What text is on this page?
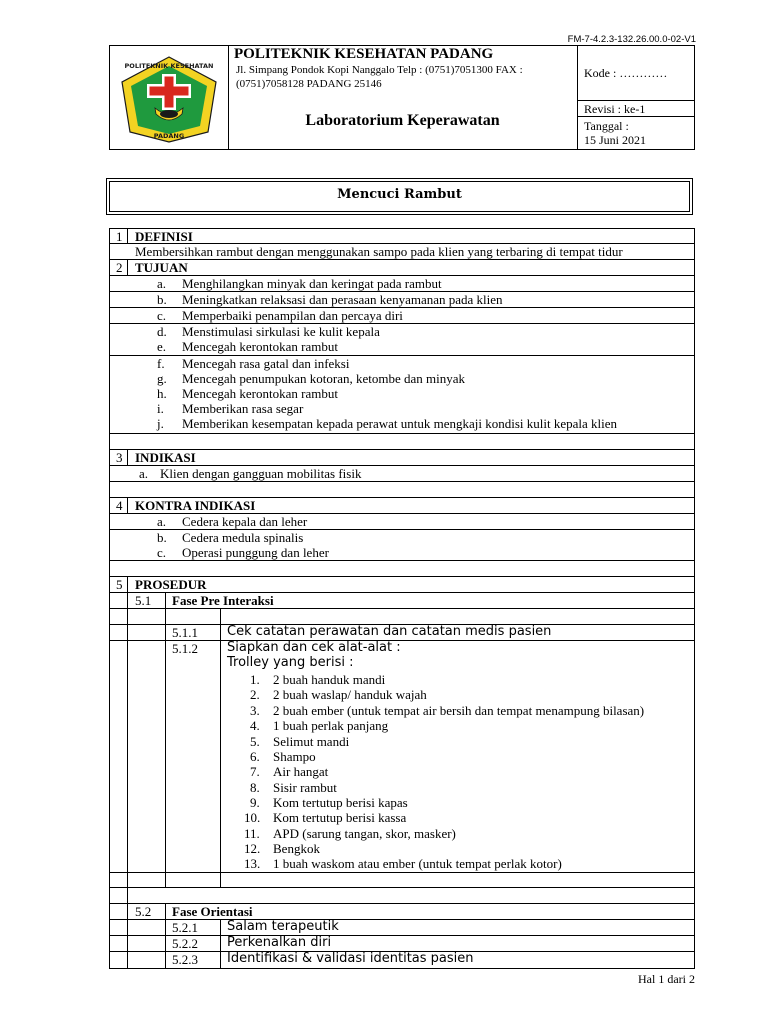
FM-7-4.2.3-132.26.00.0-02-V1
POLITEKNIK KESEHATAN
PADANG
POLITEKNIK KESEHATAN PADANG
Jl. Simpang Pondok Kopi Nanggalo Telp : (0751)7051300 FAX :
(0751)7058128 PADANG 25146
Laboratorium Keperawatan
Kode : …………
Revisi : ke-1
Tanggal :
15 Juni 2021
Mencuci Rambut
1 DEFINISI
Membersihkan rambut dengan menggunakan sampo pada klien yang terbaring di tempat tidur
2 TUJUAN
a. Menghilangkan minyak dan keringat pada rambut
b. Meningkatkan relaksasi dan perasaan kenyamanan pada klien
c. Memperbaiki penampilan dan percaya diri
d. Menstimulasi sirkulasi ke kulit kepala
e. Mencegah kerontokan rambut
f. Mencegah rasa gatal dan infeksi
g. Mencegah penumpukan kotoran, ketombe dan minyak
h. Mencegah kerontokan rambut
i. Memberikan rasa segar
j. Memberikan kesempatan kepada perawat untuk mengkaji kondisi kulit kepala klien
3 INDIKASI
a. Klien dengan gangguan mobilitas fisik
4 KONTRA INDIKASI
a. Cedera kepala dan leher
b. Cedera medula spinalis
c. Operasi punggung dan leher
5 PROSEDUR
5.1 Fase Pre Interaksi
5.1.1 Cek catatan perawatan dan catatan medis pasien
5.1.2 Siapkan dan cek alat-alat :
Trolley yang berisi :
1. 2 buah handuk mandi
2. 2 buah waslap/ handuk wajah
3. 2 buah ember (untuk tempat air bersih dan tempat menampung bilasan)
4. 1 buah perlak panjang
5. Selimut mandi
6. Shampo
7. Air hangat
8. Sisir rambut
9. Kom tertutup berisi kapas
10. Kom tertutup berisi kassa
11. APD (sarung tangan, skor, masker)
12. Bengkok
13. 1 buah waskom atau ember (untuk tempat perlak kotor)
5.2 Fase Orientasi
5.2.1 Salam terapeutik
5.2.2 Perkenalkan diri
5.2.3 Identifikasi & validasi identitas pasien
Hal 1 dari 2
